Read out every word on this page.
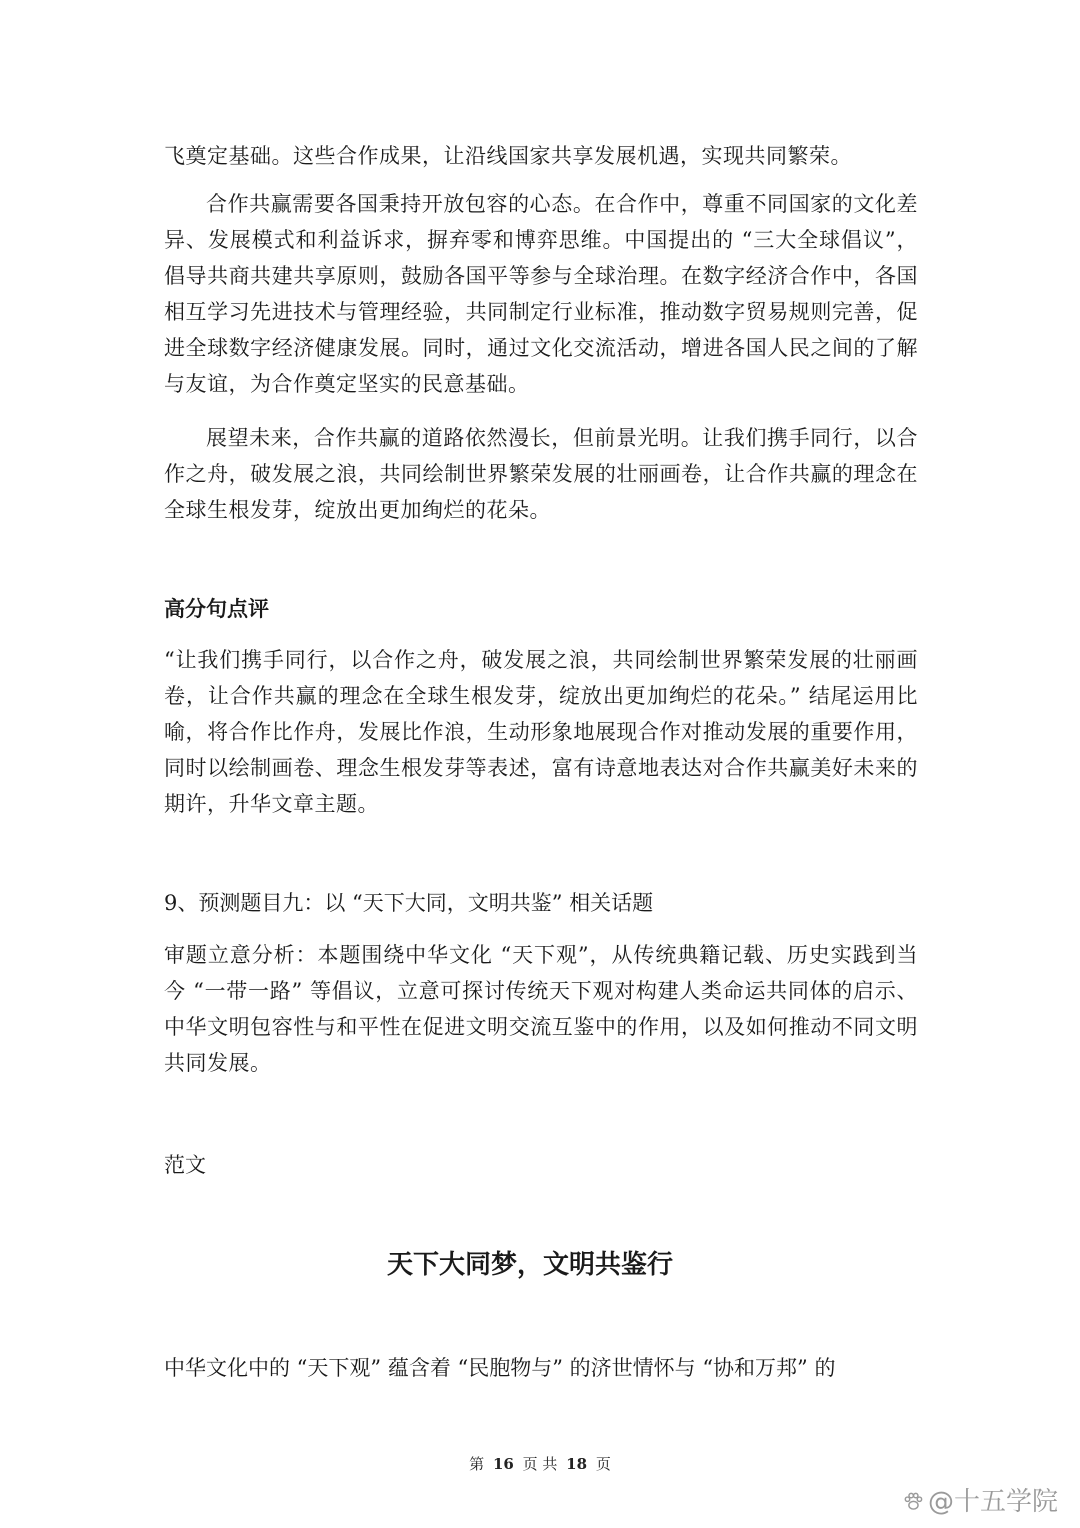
飞奠定基础。这些合作成果，让沿线国家共享发展机遇，实现共同繁荣。

合作共赢需要各国秉持开放包容的心态。在合作中，尊重不同国家的文化差异、发展模式和利益诉求，摒弃零和博弈思维。中国提出的 “三大全球倡议”，倡导共商共建共享原则，鼓励各国平等参与全球治理。在数字经济合作中，各国相互学习先进技术与管理经验，共同制定行业标准，推动数字贸易规则完善，促进全球数字经济健康发展。同时，通过文化交流活动，增进各国人民之间的了解与友谊，为合作奠定坚实的民意基础。

展望未来，合作共赢的道路依然漫长，但前景光明。让我们携手同行，以合作之舟，破发展之浪，共同绘制世界繁荣发展的壮丽画卷，让合作共赢的理念在全球生根发芽，绽放出更加绚烂的花朵。

高分句点评

“让我们携手同行，以合作之舟，破发展之浪，共同绘制世界繁荣发展的壮丽画卷，让合作共赢的理念在全球生根发芽，绽放出更加绚烂的花朵。” 结尾运用比喻，将合作比作舟，发展比作浪，生动形象地展现合作对推动发展的重要作用，同时以绘制画卷、理念生根发芽等表述，富有诗意地表达对合作共赢美好未来的期许，升华文章主题。

9、预测题目九：以 “天下大同，文明共鉴” 相关话题

审题立意分析：本题围绕中华文化 “天下观”，从传统典籍记载、历史实践到当今 “一带一路” 等倡议，立意可探讨传统天下观对构建人类命运共同体的启示、中华文明包容性与和平性在促进文明交流互鉴中的作用，以及如何推动不同文明共同发展。

范文

天下大同梦，文明共鉴行

中华文化中的 “天下观” 蕴含着 “民胞物与” 的济世情怀与 “协和万邦” 的

第 16 页 共 18 页
@十五学院
